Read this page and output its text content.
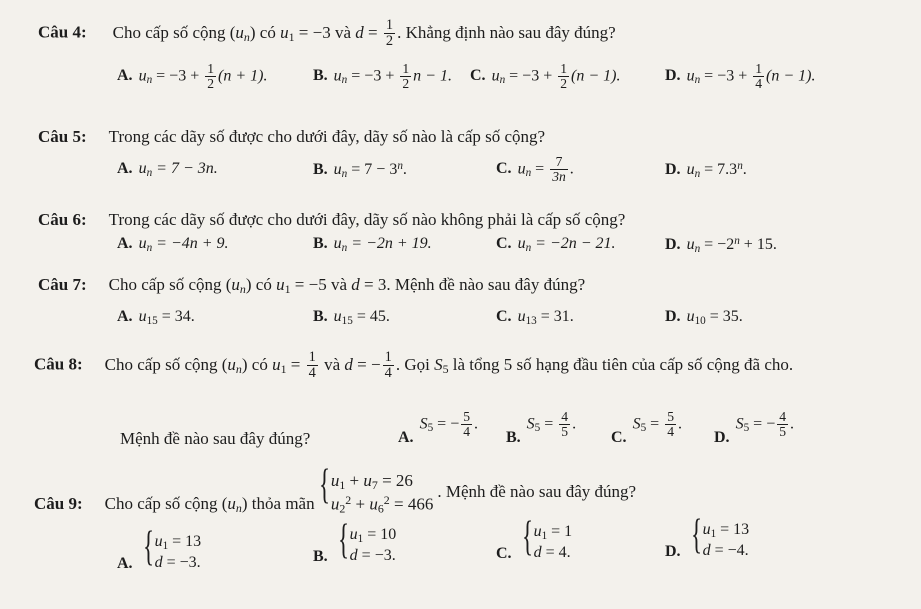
Câu 4: Cho cấp số cộng $(u_n)$ có $u_1 = -3$ và $d = \frac{1}{2}$ . Khẳng định nào sau đây đúng?
A. $u_n = -3 + \frac{1}{2} (n + 1)$.	B. $u_n = -3 + \frac{1}{2}$ n − 1. C. $u_n = -3 + \frac{1}{2} (n - 1)$.	D. $u_n = -3 + \frac{1}{4} (n - 1)$.
Câu 5: Trong các dãy số được cho dưới đây, dãy số nào là cấp số cộng?
A. $u_n = 7 - 3n$.	B. $u_n = 7 - 3^n$.	C. $u_n = \frac{7}{3n}$ .	D. $u_n = 7.3^n$.
Câu 6: Trong các dãy số được cho dưới đây, dãy số nào không phải là cấp số cộng?
A. $u_n = -4n + 9$.	B. $u_n = -2n + 19$.	C. $u_n = -2n - 21$.	D. $u_n = -2^n + 15$.
Câu 7: Cho cấp số cộng $(u_n)$ có $u_1 = -5$ và d = 3. Mệnh đề nào sau đây đúng?
A. $u_{15} = 34$.	B. $u_{15} = 45$.	C. $u_{13} = 31$.	D. $u_{10} = 35$.
Câu 8: Cho cấp số cộng $(u_n)$ có $u_1 = \frac{1}{4}$ và d = − $\frac{1}{4}$ . Gọi $S_5$ là tổng 5 số hạng đầu tiên của cấp số cộng đã cho.
Mệnh đề nào sau đây đúng?	$A.S_5$ = − $\frac{5}{4}$ .
$B.S_5 = \frac{4}{5}$ .
$C.S_5 = \frac{5}{4}$ .
$D.S_5$ = − $\frac{4}{5}$ .
Câu 9: Cho cấp số cộng $(u_n)$ thỏa mãn { $u_1 + u_7 = 26$
$u_2^2 + u_6^2 = 466$
. Mệnh đề nào sau đây đúng?
A. { $u_1 = 13$
d = −3.	B. { $u_1 = 10$
d = −3.	C. { $u_1 = 1$
d = 4.	D. { $u_1 = 13$
d = −4.
